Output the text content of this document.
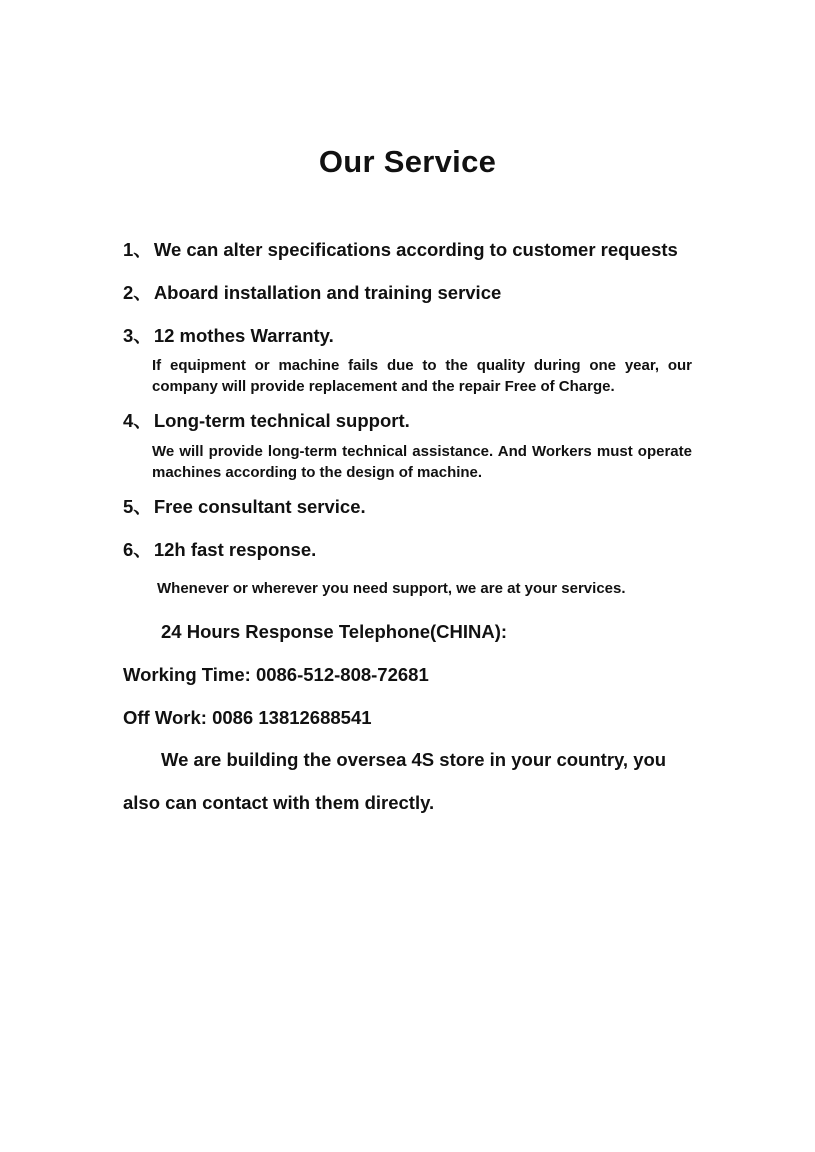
Our Service
1、 We can alter specifications according to customer requests
2、 Aboard installation and training service
3、 12 mothes Warranty.
If equipment or machine fails due to the quality during one year, our company will provide replacement and the repair Free of Charge.
4、 Long-term technical support.
We will provide long-term technical assistance. And Workers must operate machines according to the design of machine.
5、 Free consultant service.
6、 12h fast response.
Whenever or wherever you need support, we are at your services.
24 Hours Response Telephone(CHINA):
Working Time: 0086-512-808-72681
Off Work: 0086 13812688541
We are building the oversea 4S store in your country, you
also can contact with them directly.
